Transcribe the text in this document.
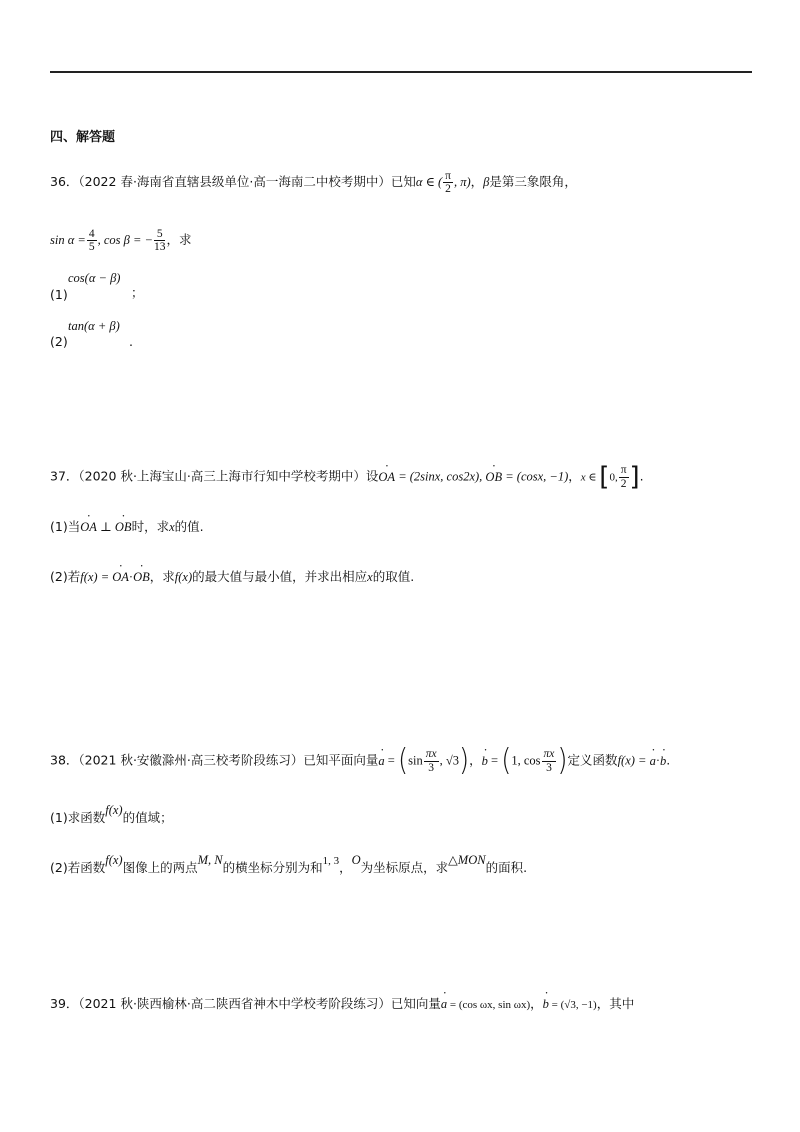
四、解答题
36．（2022 春·海南省直辖县级单位·高一海南二中校考期中）已知α ∈ ( $\frac{\pi}{2}$ , π)，β是第三象限角，
$\sin \alpha = \frac{4}{5}$ , cos β = − $\frac{5}{13}$ ，求
(1)
cos(α − β)
；
(2)
tan(α + β)
.
37．（2020 秋·上海宝山·高三上海市行知中学校考期中）设• OA = (2sinx, cos2x), • OB = (cosx, −1)，x ∈ [0, $\frac{\pi}{2}$ ].
(1)当• OA ⊥ • OB时，求x的值.
(2)若f(x) = • OA·• OB，求f(x)的最大值与最小值，并求出相应x的取值.
38．（2021 秋·安徽滁州·高三校考阶段练习）已知平面向量• $a = (\sin \frac{\pi x}{3}$ , √3)，• b = (1, $\cos \frac{\pi x}{3}$ )定义函数f(x) = • a·• b.
(1)求函数f(x)的值域；
(2)若函数f(x)图像上的两点M, N的横坐标分别为和1, 3，O为坐标原点，求△MON的面积.
39．（2021 秋·陕西榆林·高二陕西省神木中学校考阶段练习）已知向量• a = (cos ωx, sin ωx)，• b = (√3, −1)，其中
